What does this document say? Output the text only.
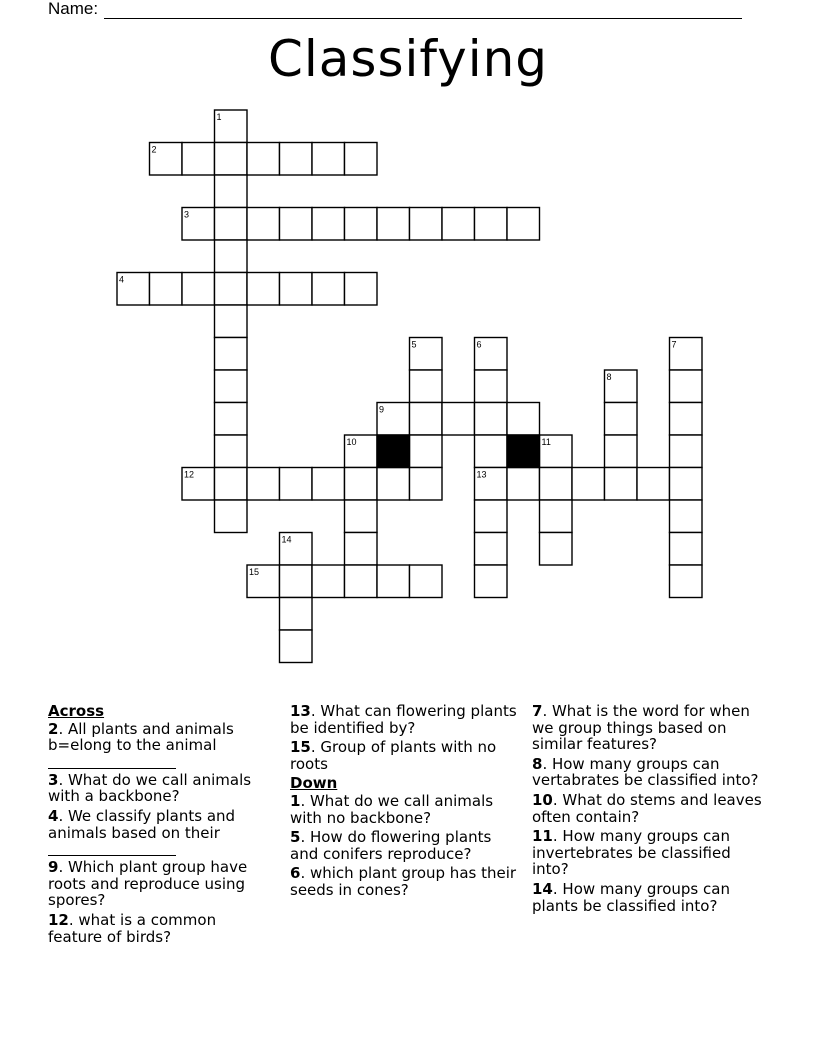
Name:
Classifying
1
2
3
4
5	6	7
8
9
10	11
12	13
14
15
Across
2. All plants and animals b=elong to the animal
3. What do we call animals with a backbone?
4. We classify plants and animals based on their
9. Which plant group have roots and reproduce using spores?
12. what is a common feature of birds?
13. What can flowering plants be identified by?
15. Group of plants with no roots
Down
1. What do we call animals with no backbone?
5. How do flowering plants and conifers reproduce?
6. which plant group has their seeds in cones?
7. What is the word for when we group things based on similar features?
8. How many groups can vertabrates be classified into?
10. What do stems and leaves often contain?
11. How many groups can invertebrates be classified into?
14. How many groups can plants be classified into?
